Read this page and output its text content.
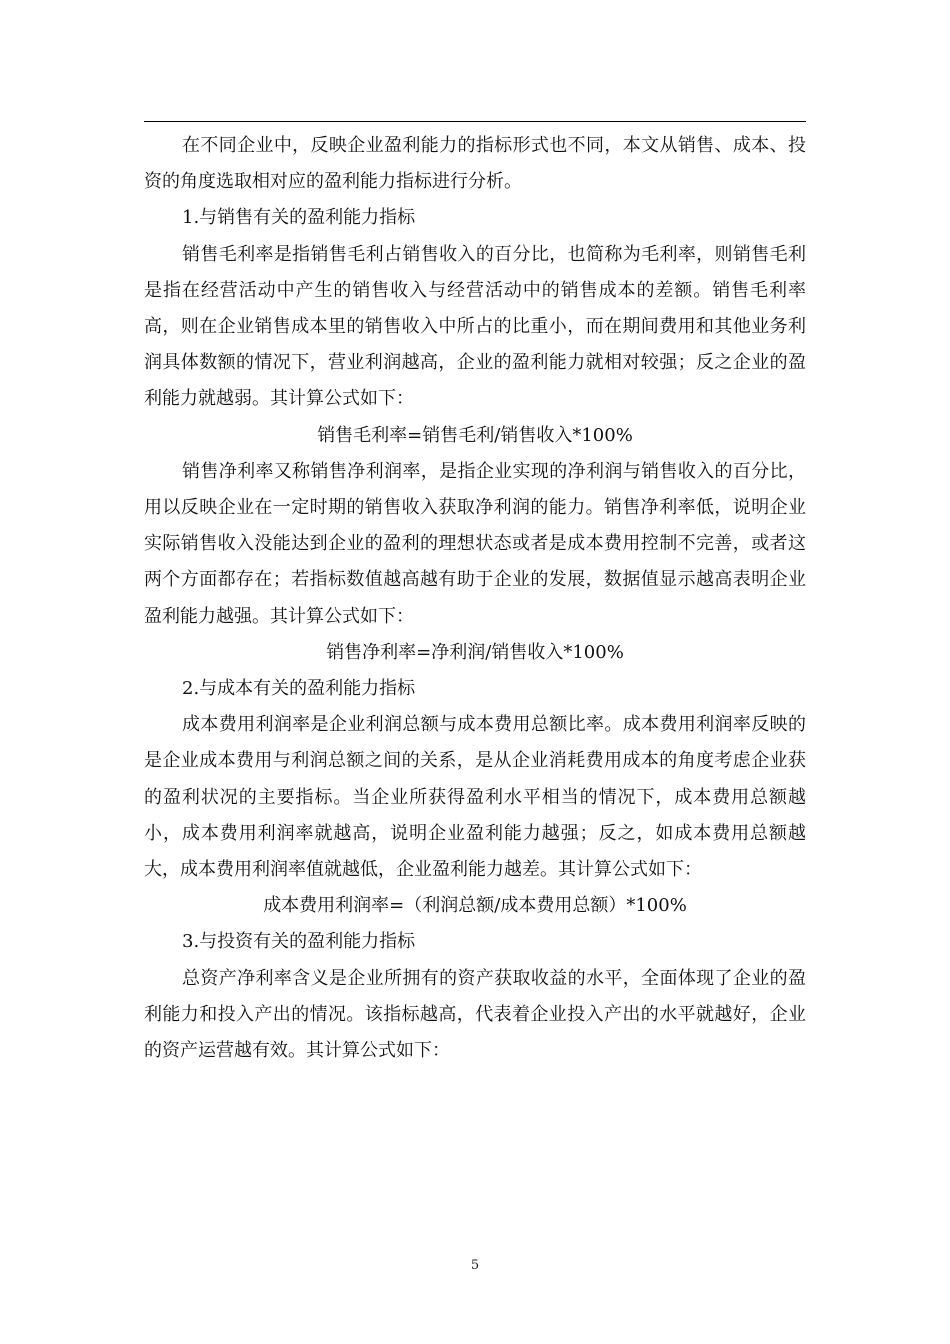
在不同企业中，反映企业盈利能力的指标形式也不同，本文从销售、成本、投资的角度选取相对应的盈利能力指标进行分析。

1.与销售有关的盈利能力指标

销售毛利率是指销售毛利占销售收入的百分比，也简称为毛利率，则销售毛利是指在经营活动中产生的销售收入与经营活动中的销售成本的差额。销售毛利率高，则在企业销售成本里的销售收入中所占的比重小，而在期间费用和其他业务利润具体数额的情况下，营业利润越高，企业的盈利能力就相对较强；反之企业的盈利能力就越弱。其计算公式如下：

销售毛利率=销售毛利/销售收入*100%

销售净利率又称销售净利润率，是指企业实现的净利润与销售收入的百分比，用以反映企业在一定时期的销售收入获取净利润的能力。销售净利率低，说明企业实际销售收入没能达到企业的盈利的理想状态或者是成本费用控制不完善，或者这两个方面都存在；若指标数值越高越有助于企业的发展，数据值显示越高表明企业盈利能力越强。其计算公式如下：

销售净利率=净利润/销售收入*100%

2.与成本有关的盈利能力指标

成本费用利润率是企业利润总额与成本费用总额比率。成本费用利润率反映的是企业成本费用与利润总额之间的关系，是从企业消耗费用成本的角度考虑企业获的盈利状况的主要指标。当企业所获得盈利水平相当的情况下，成本费用总额越小，成本费用利润率就越高，说明企业盈利能力越强；反之，如成本费用总额越大，成本费用利润率值就越低，企业盈利能力越差。其计算公式如下：

成本费用利润率=（利润总额/成本费用总额）*100%

3.与投资有关的盈利能力指标

总资产净利率含义是企业所拥有的资产获取收益的水平，全面体现了企业的盈利能力和投入产出的情况。该指标越高，代表着企业投入产出的水平就越好，企业的资产运营越有效。其计算公式如下：

5
